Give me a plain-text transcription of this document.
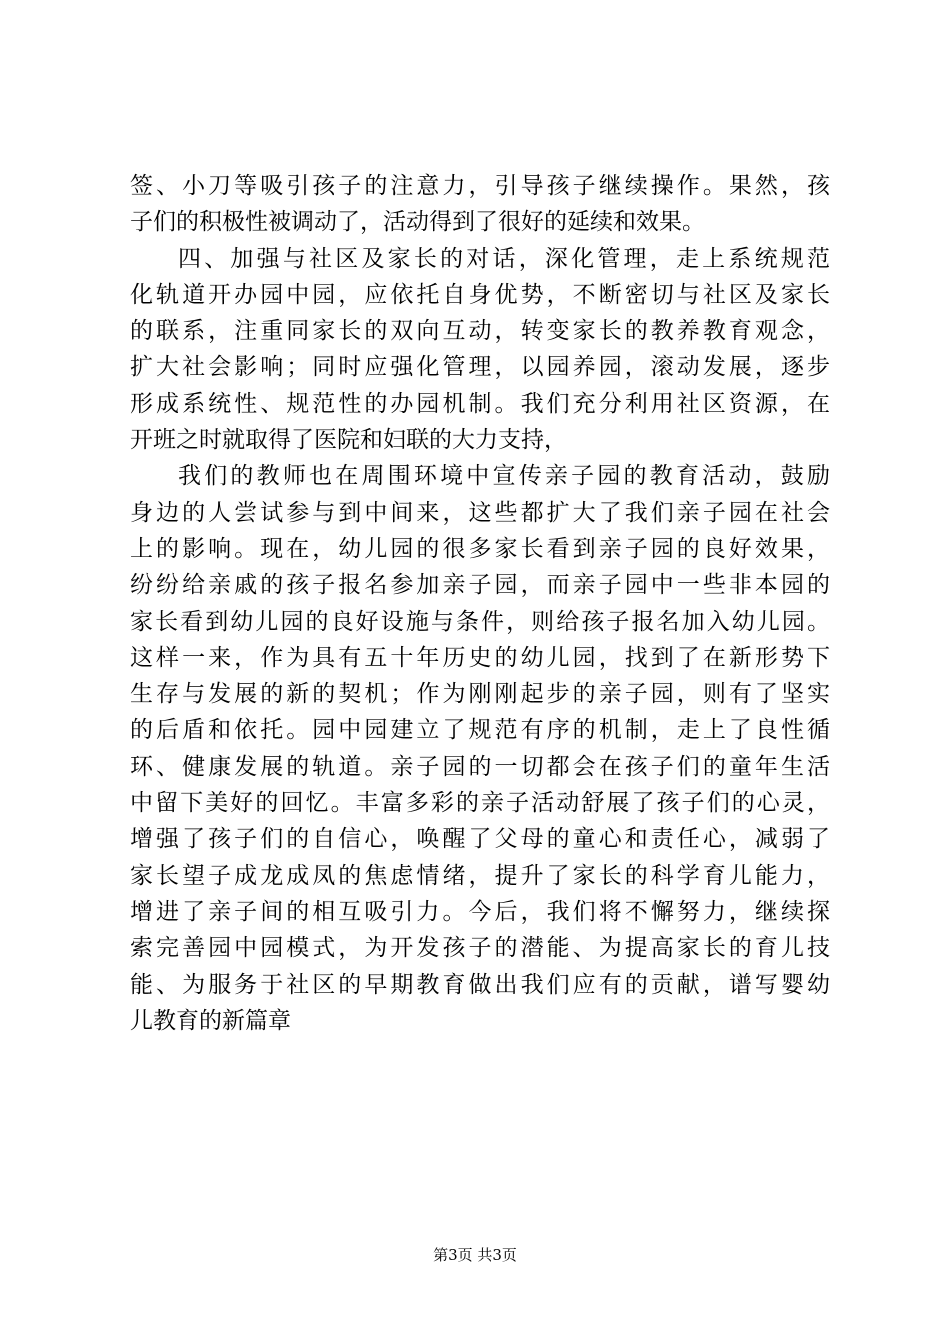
签、小刀等吸引孩子的注意力，引导孩子继续操作。果然，孩
子们的积极性被调动了，活动得到了很好的延续和效果。
四、加强与社区及家长的对话，深化管理，走上系统规范
化轨道开办园中园，应依托自身优势，不断密切与社区及家长
的联系，注重同家长的双向互动，转变家长的教养教育观念，
扩大社会影响；同时应强化管理，以园养园，滚动发展，逐步
形成系统性、规范性的办园机制。我们充分利用社区资源，在
开班之时就取得了医院和妇联的大力支持，
我们的教师也在周围环境中宣传亲子园的教育活动，鼓励
身边的人尝试参与到中间来，这些都扩大了我们亲子园在社会
上的影响。现在，幼儿园的很多家长看到亲子园的良好效果，
纷纷给亲戚的孩子报名参加亲子园，而亲子园中一些非本园的
家长看到幼儿园的良好设施与条件，则给孩子报名加入幼儿园。
这样一来，作为具有五十年历史的幼儿园，找到了在新形势下
生存与发展的新的契机；作为刚刚起步的亲子园，则有了坚实
的后盾和依托。园中园建立了规范有序的机制，走上了良性循
环、健康发展的轨道。亲子园的一切都会在孩子们的童年生活
中留下美好的回忆。丰富多彩的亲子活动舒展了孩子们的心灵，
增强了孩子们的自信心，唤醒了父母的童心和责任心，减弱了
家长望子成龙成凤的焦虑情绪，提升了家长的科学育儿能力，
增进了亲子间的相互吸引力。今后，我们将不懈努力，继续探
索完善园中园模式，为开发孩子的潜能、为提高家长的育儿技
能、为服务于社区的早期教育做出我们应有的贡献，谱写婴幼
儿教育的新篇章
第3页 共3页
